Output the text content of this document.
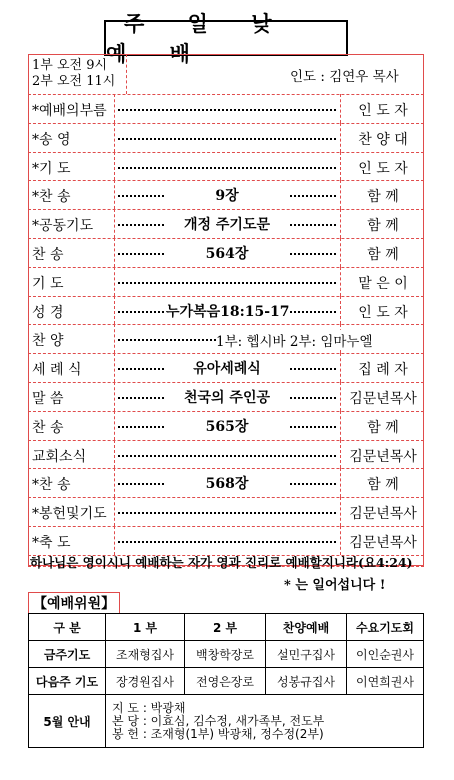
주 일 낮 예 배
1부 오전 9시
2부 오전 11시	인도 : 김연우 목사
*예배의부름	인 도 자
*송 영	찬 양 대
*기 도	인 도 자
*찬 송	9장	함 께
*공동기도	개정 주기도문	함 께
찬 송	564장	함 께
기 도	맡 은 이
성 경	누가복음18:15-17	인 도 자
찬 양	1부: 헵시바 2부: 임마누엘
세 례 식	유아세례식	집 례 자
말 씀	천국의 주인공	김문년목사
찬 송	565장	함 께
교회소식	김문년목사
*찬 송	568장	함 께
*봉헌및기도	김문년목사
*축 도	김문년목사
하나님은 영이시니 예배하는 자가 영과 진리로 예배할지니라(요4:24)
* 는 일어섭니다 !
【예배위원】
구 분	1 부	2 부	찬양예배	수요기도회
금주기도	조재형집사	백창학장로	설민구집사	이인순권사
다음주 기도	장경원집사	전영은장로	성봉규집사	이연희권사
5월 안내	지 도 : 박광채
본 당 : 이효심, 김수정, 새가족부, 전도부
봉 헌 : 조재형(1부) 박광채, 정수정(2부)			
